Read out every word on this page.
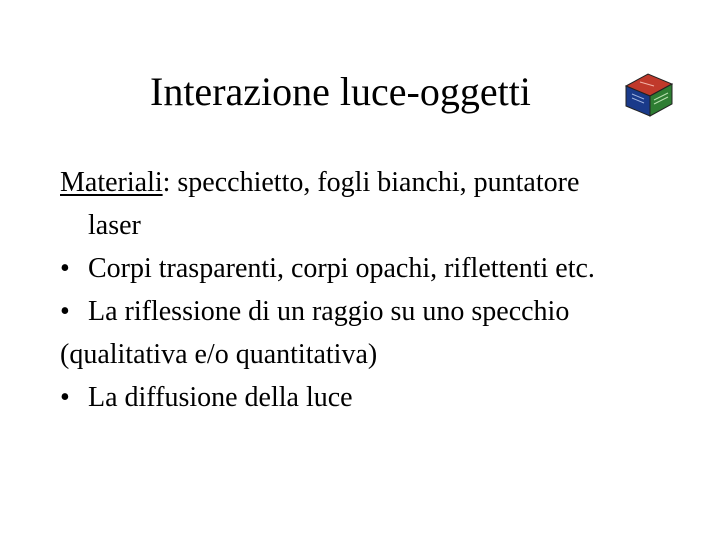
Interazione luce-oggetti
Materiali: specchietto, fogli bianchi, puntatore
laser
• Corpi trasparenti, corpi opachi, riflettenti etc.
• La riflessione di un raggio su uno specchio
(qualitativa e/o quantitativa)
• La diffusione della luce
